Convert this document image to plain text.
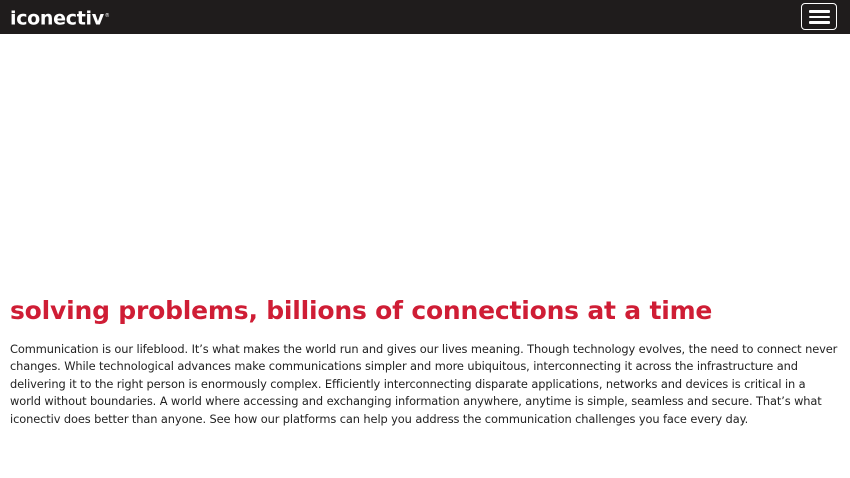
iconectiv®
solving problems, billions of connections at a time

Communication is our lifeblood. It’s what makes the world run and gives our lives meaning. Though technology evolves, the need to connect never changes. While technological advances make communications simpler and more ubiquitous, interconnecting it across the infrastructure and delivering it to the right person is enormously complex. Efficiently interconnecting disparate applications, networks and devices is critical in a world without boundaries. A world where accessing and exchanging information anywhere, anytime is simple, seamless and secure. That’s what iconectiv does better than anyone. See how our platforms can help you address the communication challenges you face every day.
